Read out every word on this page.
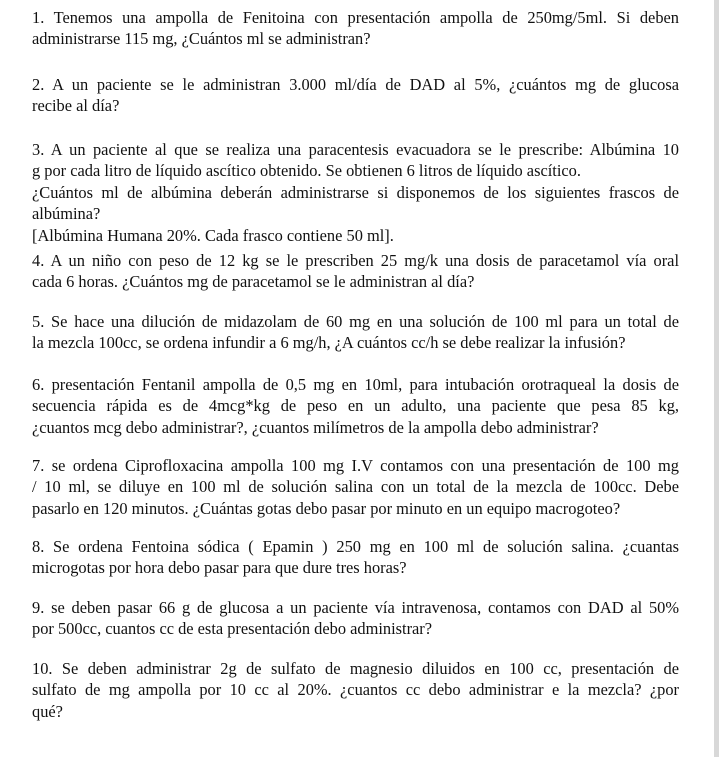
1. Tenemos una ampolla de Fenitoina con presentación ampolla de 250mg/5ml. Si deben
administrarse 115 mg, ¿Cuántos ml se administran?
2. A un paciente se le administran 3.000 ml/día de DAD al 5%, ¿cuántos mg de glucosa
recibe al día?
3. A un paciente al que se realiza una paracentesis evacuadora se le prescribe: Albúmina 10
g por cada litro de líquido ascítico obtenido. Se obtienen 6 litros de líquido ascítico.
¿Cuántos ml de albúmina deberán administrarse si disponemos de los siguientes frascos de
albúmina?
[Albúmina Humana 20%. Cada frasco contiene 50 ml].
4. A un niño con peso de 12 kg se le prescriben 25 mg/k una dosis de paracetamol vía oral
cada 6 horas. ¿Cuántos mg de paracetamol se le administran al día?
5. Se hace una dilución de midazolam de 60 mg en una solución de 100 ml para un total de
la mezcla 100cc, se ordena infundir a 6 mg/h, ¿A cuántos cc/h se debe realizar la infusión?
6. presentación Fentanil ampolla de 0,5 mg en 10ml, para intubación orotraqueal la dosis de
secuencia rápida es de 4mcg*kg de peso en un adulto, una paciente que pesa 85 kg,
¿cuantos mcg debo administrar?, ¿cuantos milímetros de la ampolla debo administrar?
7. se ordena Ciprofloxacina ampolla 100 mg I.V contamos con una presentación de 100 mg
/ 10 ml, se diluye en 100 ml de solución salina con un total de la mezcla de 100cc. Debe
pasarlo en 120 minutos. ¿Cuántas gotas debo pasar por minuto en un equipo macrogoteo?
8. Se ordena Fentoina sódica ( Epamin ) 250 mg en 100 ml de solución salina. ¿cuantas
microgotas por hora debo pasar para que dure tres horas?
9. se deben pasar 66 g de glucosa a un paciente vía intravenosa, contamos con DAD al 50%
por 500cc, cuantos cc de esta presentación debo administrar?
10. Se deben administrar 2g de sulfato de magnesio diluidos en 100 cc, presentación de
sulfato de mg ampolla por 10 cc al 20%. ¿cuantos cc debo administrar e la mezcla? ¿por
qué?
